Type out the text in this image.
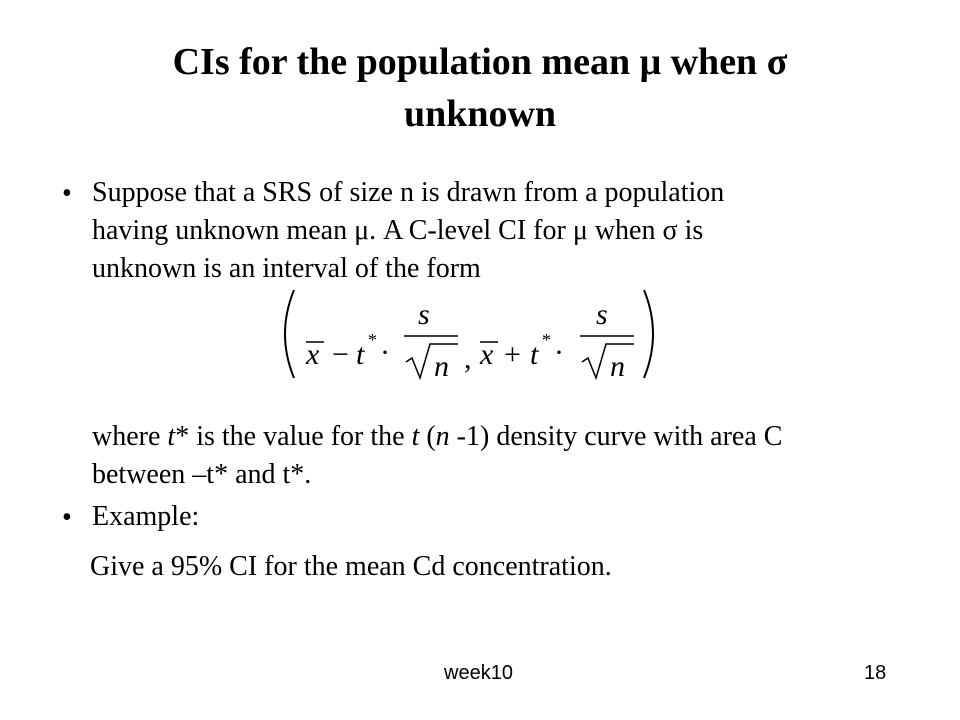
CIs for the population mean μ when σ
unknown
• Suppose that a SRS of size n is drawn from a population
having unknown mean μ. A C-level CI for μ when σ is
unknown is an interval of the form
x − t * ·
s
n , x + t * ·
s
n
where t* is the value for the t (n -1) density curve with area C
between –t* and t*.
• Example:
Give a 95% CI for the mean Cd concentration.
week10	18
